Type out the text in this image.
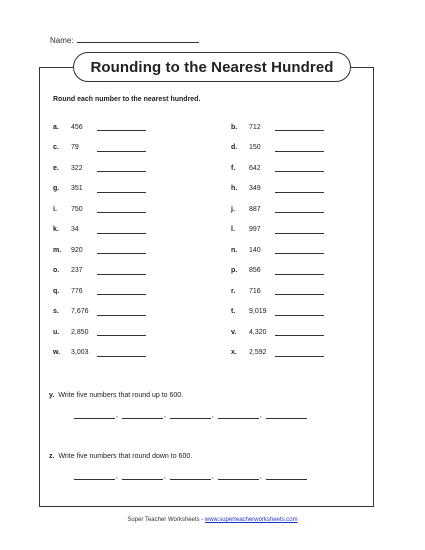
Name:
Rounding to the Nearest Hundred
Round each number to the nearest hundred.
a.	456	b.	712
c.	79	d.	150
e.	322	f.	642
g.	351	h.	349
i.	750	j.	887
k.	34	l.	997
m.	920	n.	140
o.	237	p.	856
q.	776	r.	716
s.	7,676	t.	9,019
u.	2,850	v.	4,320
w.	3,003	x.	2,592
y. Write five numbers that round up to 600.
,	,	,	,
z. Write five numbers that round down to 600.
,	,	,	,
Super Teacher Worksheets - www.superteacherworksheets.com
